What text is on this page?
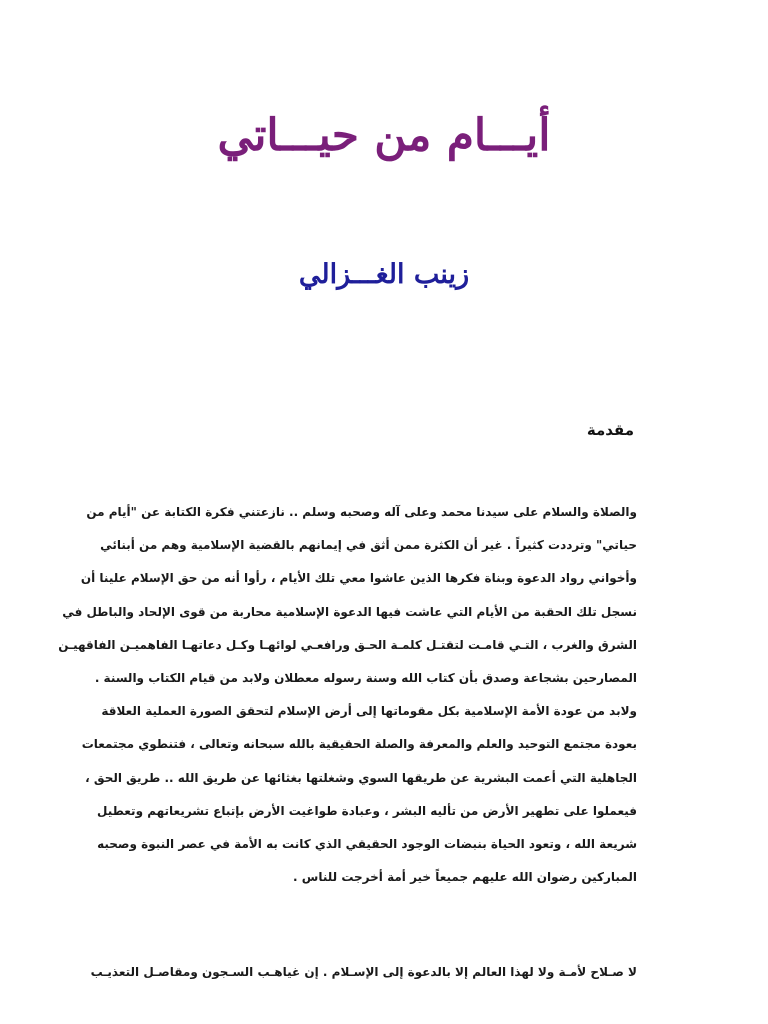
أيـــام من حيـــاتي
زينب الغـــزالي
مقدمة
والصلاة والسلام على سيدنا محمد وعلى آله وصحبه وسلم .. نازعتني فكرة الكتابة عن "أيام من
حياتي" وترددت كثيراً . غير أن الكثرة ممن أثق في إيمانهم بالقضية الإسلامية وهم من أبنائي
وأخواني رواد الدعوة وبناة فكرها الذين عاشوا معي تلك الأيام ، رأوا أنه من حق الإسلام علينا أن
نسجل تلك الحقبة من الأيام التي عاشت فيها الدعوة الإسلامية محاربة من قوى الإلحاد والباطل في
الشرق والغرب ، التـي قامـت لتقتـل كلمـة الحـق ورافعـي لوائهـا وكـل دعاتهـا الفاهميـن الفاقهيـن
المصارحين بشجاعة وصدق بأن كتاب الله وسنة رسوله معطلان ولابد من قيام الكتاب والسنة .
ولابد من عودة الأمة الإسلامية بكل مقوماتها إلى أرض الإسلام لتحقق الصورة العملية العلاقة
بعودة مجتمع التوحيد والعلم والمعرفة والصلة الحقيقية بالله سبحانه وتعالى ، فتنطوي مجتمعات
الجاهلية التي أعمت البشرية عن طريقها السوي وشغلتها بغثائها عن طريق الله .. طريق الحق ،
فيعملوا على تطهير الأرض من تأليه البشر ، وعبادة طواغيت الأرض بإتباع تشريعاتهم وتعطيل
شريعة الله ، وتعود الحياة بنبضات الوجود الحقيقي الذي كانت به الأمة في عصر النبوة وصحبه
المباركين رضوان الله عليهم جميعاً خير أمة أخرجت للناس .
لا صـلاح لأمـة ولا لهذا العالم إلا بالدعوة إلى الإسـلام . إن غياهـب السـجون ومقاصـل التعذيـب
